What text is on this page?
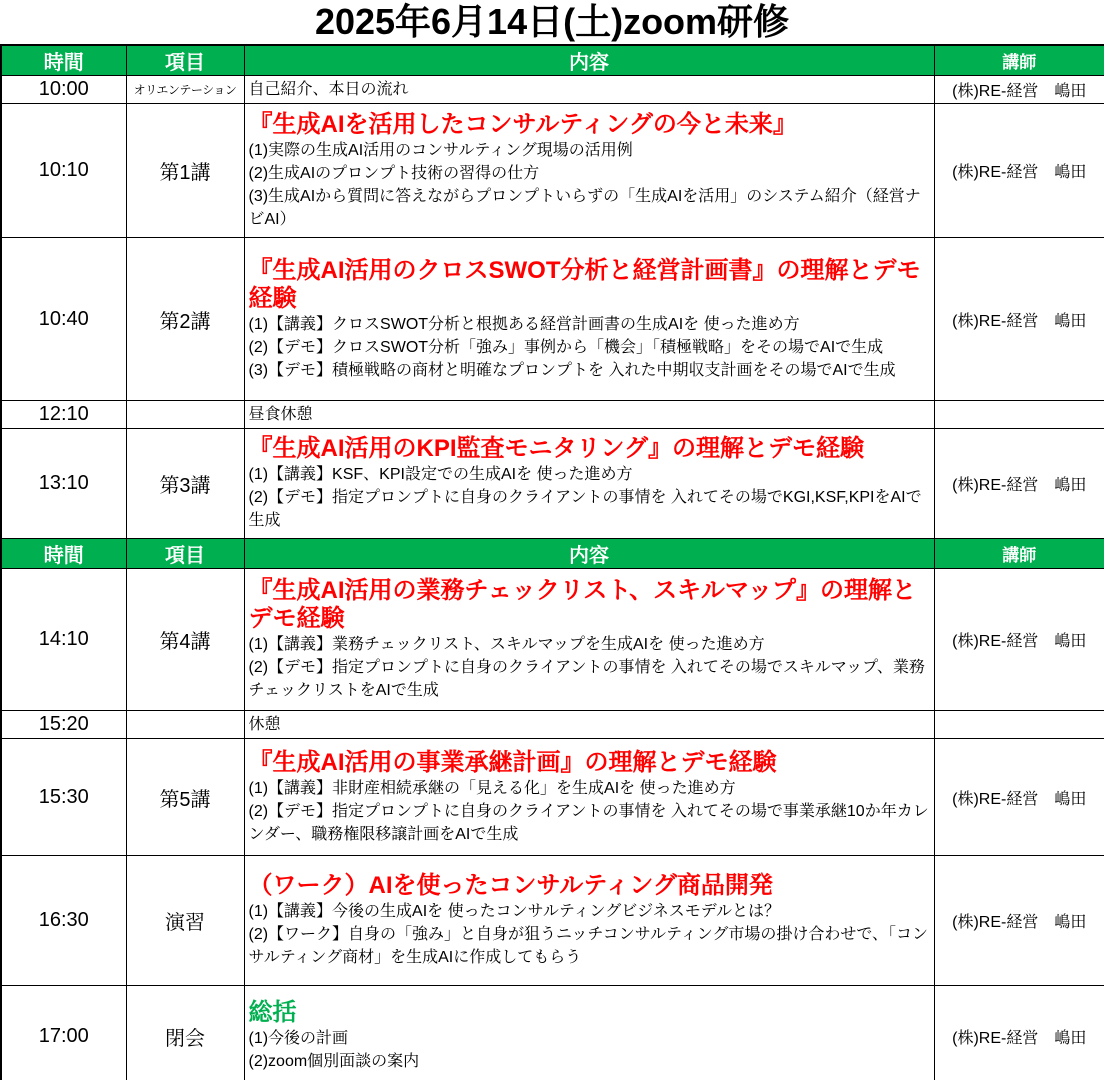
2025年6月14日(土)zoom研修
時間	項目	内容	講師
10:00	オリエンテーション	自己紹介、本日の流れ	(株)RE-経営　嶋田
10:10	第1講	『生成AIを活用したコンサルティングの今と未来』
(1)実際の生成AI活用のコンサルティング現場の活用例
(2)生成AIのプロンプト技術の習得の仕方
(3)生成AIから質問に答えながらプロンプトいらずの「生成AIを活用」のシステム紹介（経営ナビAI）	(株)RE-経営　嶋田
10:40	第2講	『生成AI活用のクロスSWOT分析と経営計画書』の理解とデモ経験
(1)【講義】クロスSWOT分析と根拠ある経営計画書の生成AIを 使った進め方
(2)【デモ】クロスSWOT分析「強み」事例から「機会」「積極戦略」をその場でAIで生成
(3)【デモ】積極戦略の商材と明確なプロンプトを 入れた中期収支計画をその場でAIで生成	(株)RE-経営　嶋田
12:10		昼食休憩	

13:10	第3講	『生成AI活用のKPI監査モニタリング』の理解とデモ経験
(1)【講義】KSF、KPI設定での生成AIを 使った進め方
(2)【デモ】指定プロンプトに自身のクライアントの事情を 入れてその場でKGI,KSF,KPIをAIで生成	(株)RE-経営　嶋田
時間	項目	内容	講師
14:10	第4講	『生成AI活用の業務チェックリスト、スキルマップ』の理解とデモ経験
(1)【講義】業務チェックリスト、スキルマップを生成AIを 使った進め方
(2)【デモ】指定プロンプトに自身のクライアントの事情を 入れてその場でスキルマップ、業務チェックリストをAIで生成	(株)RE-経営　嶋田
15:20		休憩	

15:30	第5講	『生成AI活用の事業承継計画』の理解とデモ経験
(1)【講義】非財産相続承継の「見える化」を生成AIを 使った進め方
(2)【デモ】指定プロンプトに自身のクライアントの事情を 入れてその場で事業承継10か年カレンダー、職務権限移譲計画をAIで生成	(株)RE-経営　嶋田
16:30	演習	（ワーク）AIを使ったコンサルティング商品開発
(1)【講義】今後の生成AIを 使ったコンサルティングビジネスモデルとは？
(2)【ワーク】自身の「強み」と自身が狙うニッチコンサルティング市場の掛け合わせで、「コンサルティング商材」を生成AIに作成してもらう	(株)RE-経営　嶋田
17:00	閉会	総括
(1)今後の計画
(2)zoom個別面談の案内	(株)RE-経営　嶋田
